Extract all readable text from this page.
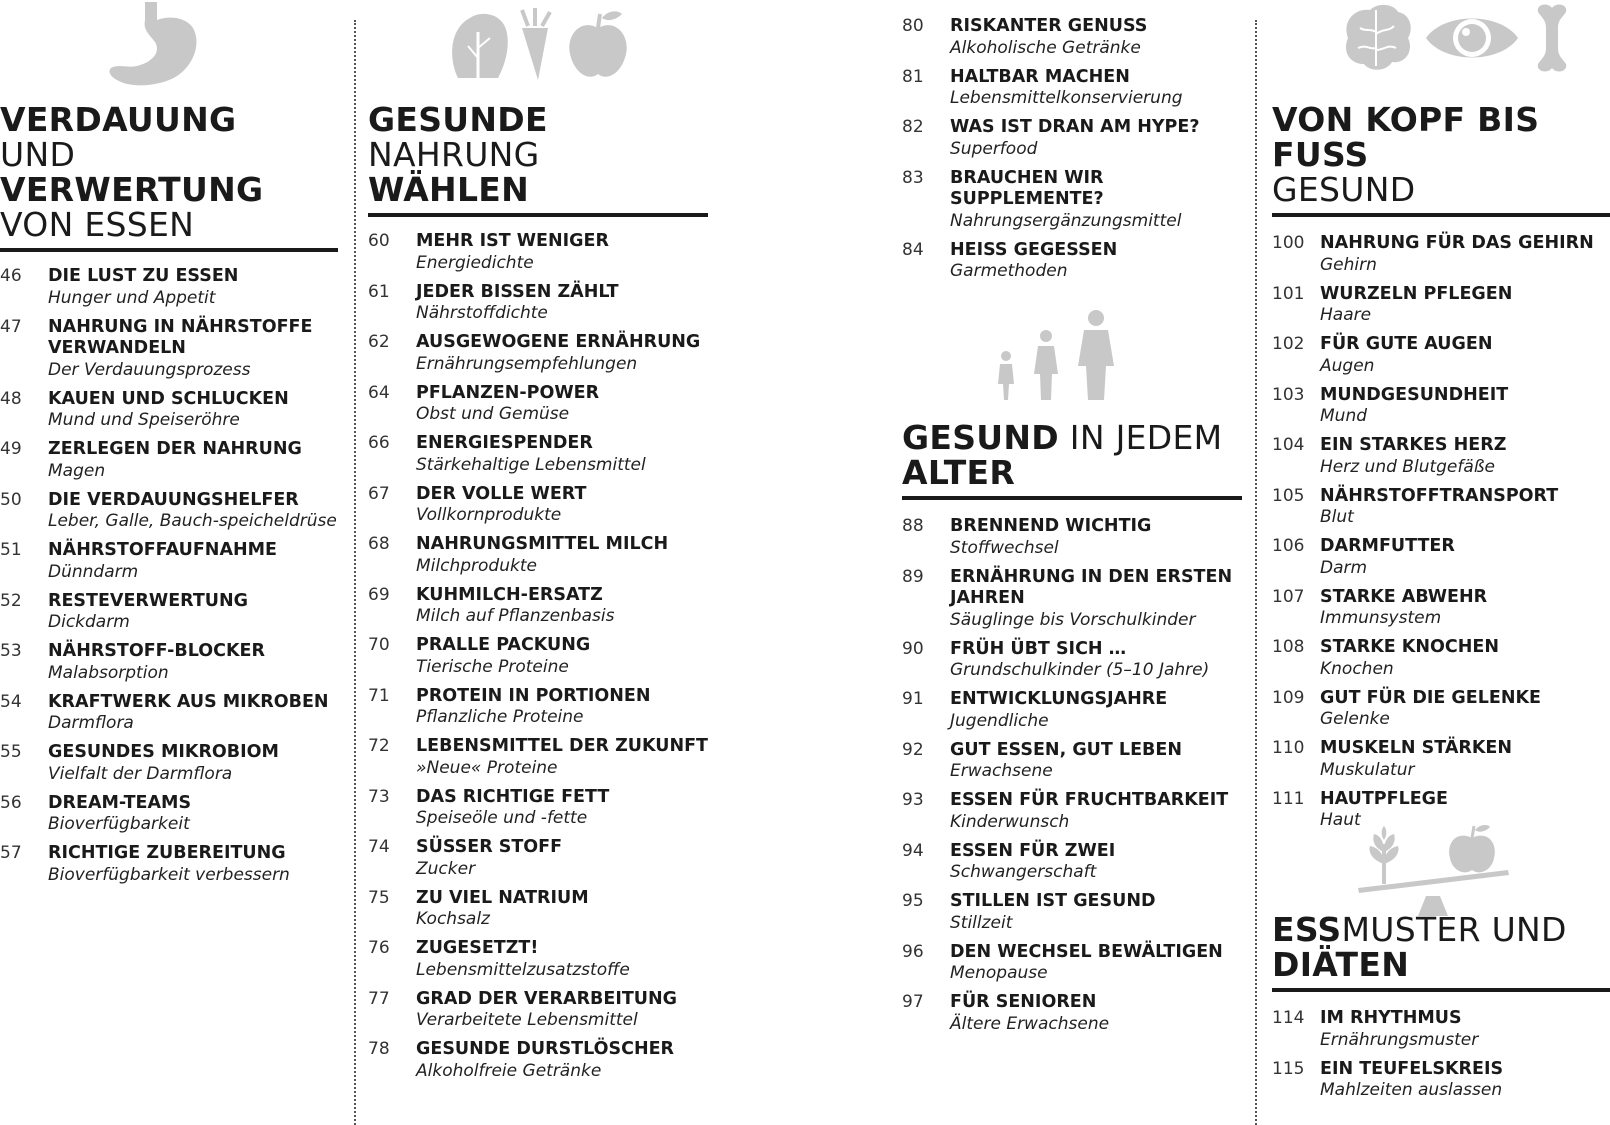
VERDAUUNG
UND VERWERTUNG
VON ESSEN
46	DIE LUST ZU ESSEN
Hunger und Appetit
47	NAHRUNG IN NÄHRSTOFFE VERWANDELN
Der Verdauungsprozess
48	KAUEN UND SCHLUCKEN
Mund und Speiseröhre
49	ZERLEGEN DER NAHRUNG
Magen
50	DIE VERDAUUNGSHELFER
Leber, Galle, Bauch-speicheldrüse
51	NÄHRSTOFFAUFNAHME
Dünndarm
52	RESTEVERWERTUNG
Dickdarm
53	NÄHRSTOFF-BLOCKER
Malabsorption
54	KRAFTWERK AUS MIKROBEN
Darmflora
55	GESUNDES MIKROBIOM
Vielfalt der Darmflora
56	DREAM-TEAMS
Bioverfügbarkeit
57	RICHTIGE ZUBEREITUNG
Bioverfügbarkeit verbessern
GESUNDE NAHRUNG
WÄHLEN
60	MEHR IST WENIGER
Energiedichte
61	JEDER BISSEN ZÄHLT
Nährstoffdichte
62	AUSGEWOGENE ERNÄHRUNG
Ernährungsempfehlungen
64	PFLANZEN-POWER
Obst und Gemüse
66	ENERGIESPENDER
Stärkehaltige Lebensmittel
67	DER VOLLE WERT
Vollkornprodukte
68	NAHRUNGSMITTEL MILCH
Milchprodukte
69	KUHMILCH-ERSATZ
Milch auf Pflanzenbasis
70	PRALLE PACKUNG
Tierische Proteine
71	PROTEIN IN PORTIONEN
Pflanzliche Proteine
72	LEBENSMITTEL DER ZUKUNFT
»Neue« Proteine
73	DAS RICHTIGE FETT
Speiseöle und -fette
74	SÜSSER STOFF
Zucker
75	ZU VIEL NATRIUM
Kochsalz
76	ZUGESETZT!
Lebensmittelzusatzstoffe
77	GRAD DER VERARBEITUNG
Verarbeitete Lebensmittel
78	GESUNDE DURSTLÖSCHER
Alkoholfreie Getränke
80	RISKANTER GENUSS
Alkoholische Getränke
81	HALTBAR MACHEN
Lebensmittelkonservierung
82	WAS IST DRAN AM HYPE?
Superfood
83	BRAUCHEN WIR SUPPLEMENTE?
Nahrungsergänzungsmittel
84	HEISS GEGESSEN
Garmethoden
GESUND IN JEDEM
ALTER
88	BRENNEND WICHTIG
Stoffwechsel
89	ERNÄHRUNG IN DEN ERSTEN JAHREN
Säuglinge bis Vorschulkinder
90	FRÜH ÜBT SICH …
Grundschulkinder (5–10 Jahre)
91	ENTWICKLUNGSJAHRE
Jugendliche
92	GUT ESSEN, GUT LEBEN
Erwachsene
93	ESSEN FÜR FRUCHTBARKEIT
Kinderwunsch
94	ESSEN FÜR ZWEI
Schwangerschaft
95	STILLEN IST GESUND
Stillzeit
96	DEN WECHSEL BEWÄLTIGEN
Menopause
97	FÜR SENIOREN
Ältere Erwachsene
VON KOPF BIS FUSS
GESUND
100 NAHRUNG FÜR DAS GEHIRN
Gehirn
101 WURZELN PFLEGEN
Haare
102 FÜR GUTE AUGEN
Augen
103 MUNDGESUNDHEIT
Mund
104 EIN STARKES HERZ
Herz und Blutgefäße
105 NÄHRSTOFFTRANSPORT
Blut
106 DARMFUTTER
Darm
107 STARKE ABWEHR
Immunsystem
108 STARKE KNOCHEN
Knochen
109 GUT FÜR DIE GELENKE
Gelenke
110 MUSKELN STÄRKEN
Muskulatur
111 HAUTPFLEGE
Haut
ESSMUSTER UND
DIÄTEN
114 IM RHYTHMUS
Ernährungsmuster
115 EIN TEUFELSKREIS
Mahlzeiten auslassen
